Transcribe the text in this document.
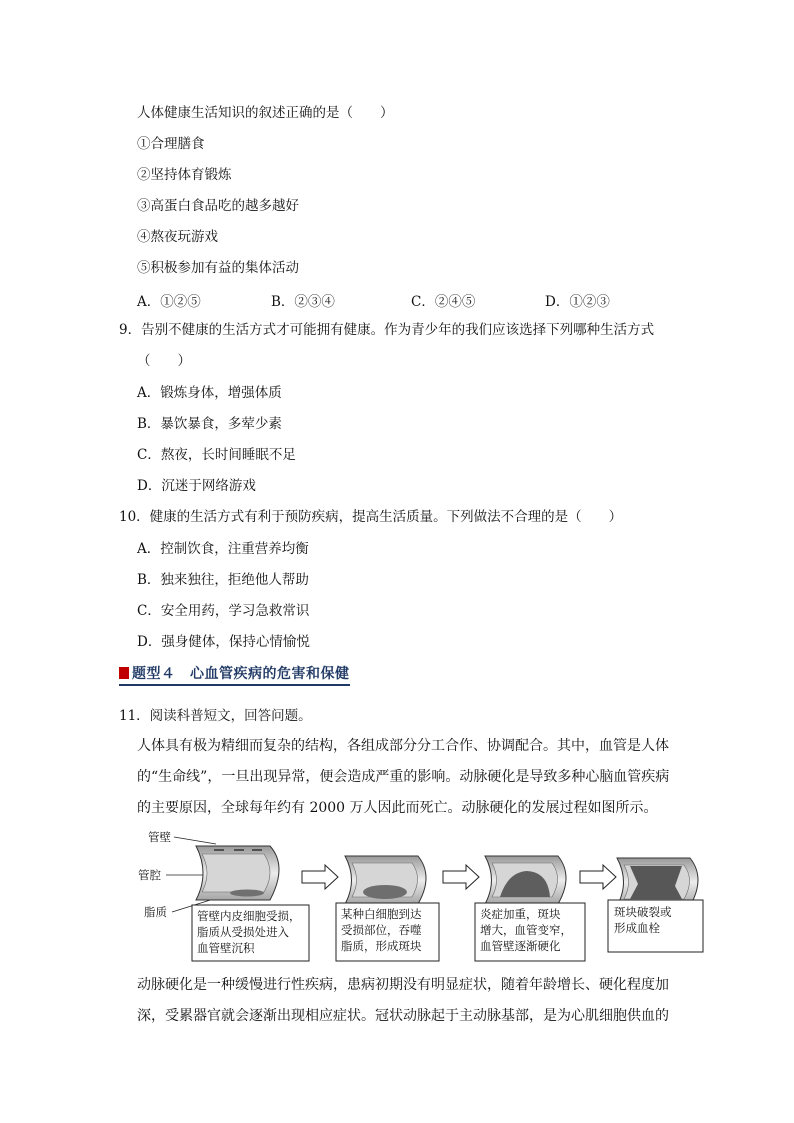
人体健康生活知识的叙述正确的是（　　）
①合理膳食
②坚持体育锻炼
③高蛋白食品吃的越多越好
④熬夜玩游戏
⑤积极参加有益的集体活动
A．①②⑤	B．②③④	C．②④⑤	D．①②③
9．告别不健康的生活方式才可能拥有健康。作为青少年的我们应该选择下列哪种生活方式
（　　）
A．锻炼身体，增强体质
B．暴饮暴食，多荤少素
C．熬夜，长时间睡眠不足
D．沉迷于网络游戏
10．健康的生活方式有利于预防疾病，提高生活质量。下列做法不合理的是（　　）
A．控制饮食，注重营养均衡
B．独来独往，拒绝他人帮助
C．安全用药，学习急救常识
D．强身健体，保持心情愉悦
题型４　心血管疾病的危害和保健
11．阅读科普短文，回答问题。
人体具有极为精细而复杂的结构，各组成部分分工合作、协调配合。其中，血管是人体
的“生命线”，一旦出现异常，便会造成严重的影响。动脉硬化是导致多种心脑血管疾病
的主要原因，全球每年约有 2000 万人因此而死亡。动脉硬化的发展过程如图所示。
管壁
管腔
脂质	管壁内皮细胞受损，
脂质从受损处进入
血管壁沉积
某种白细胞到达
受损部位，吞噬
脂质，形成斑块
炎症加重，斑块
增大，血管变窄，
血管壁逐渐硬化
斑块破裂或
形成血栓
动脉硬化是一种缓慢进行性疾病，患病初期没有明显症状，随着年龄增长、硬化程度加
深，受累器官就会逐渐出现相应症状。冠状动脉起于主动脉基部，是为心肌细胞供血的
